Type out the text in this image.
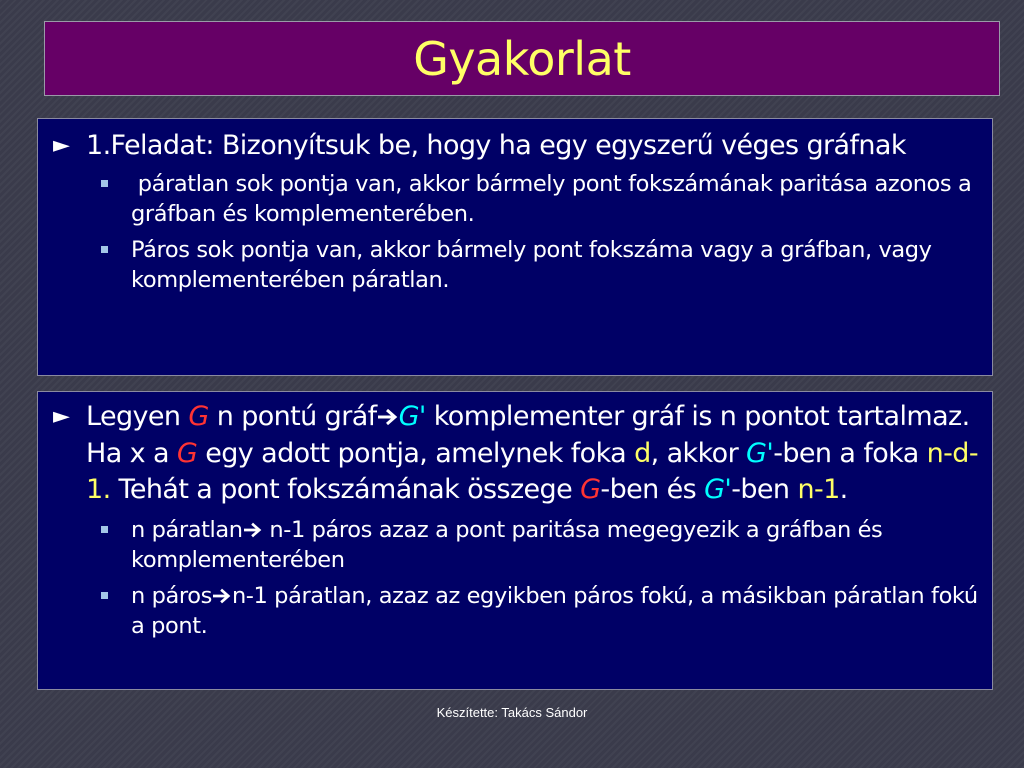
Gyakorlat
► 1.Feladat: Bizonyítsuk be, hogy ha egy egyszerű véges gráfnak
páratlan sok pontja van, akkor bármely pont fokszámának paritása azonos a gráfban és komplementerében.
Páros sok pontja van, akkor bármely pont fokszáma vagy a gráfban, vagy komplementerében páratlan.
► Legyen G n pontú gráf G' komplementer gráf is n pontot tartalmaz. Ha x a G egy adott pontja, amelynek foka d, akkor G'-ben a foka n-d-1. Tehát a pont fokszámának összege G-ben és G'-ben n-1.
n páratlan n-1 páros azaz a pont paritása megegyezik a gráfban és komplementerében
n páros n-1 páratlan, azaz az egyikben páros fokú, a másikban páratlan fokú a pont.
Készítette: Takács Sándor
